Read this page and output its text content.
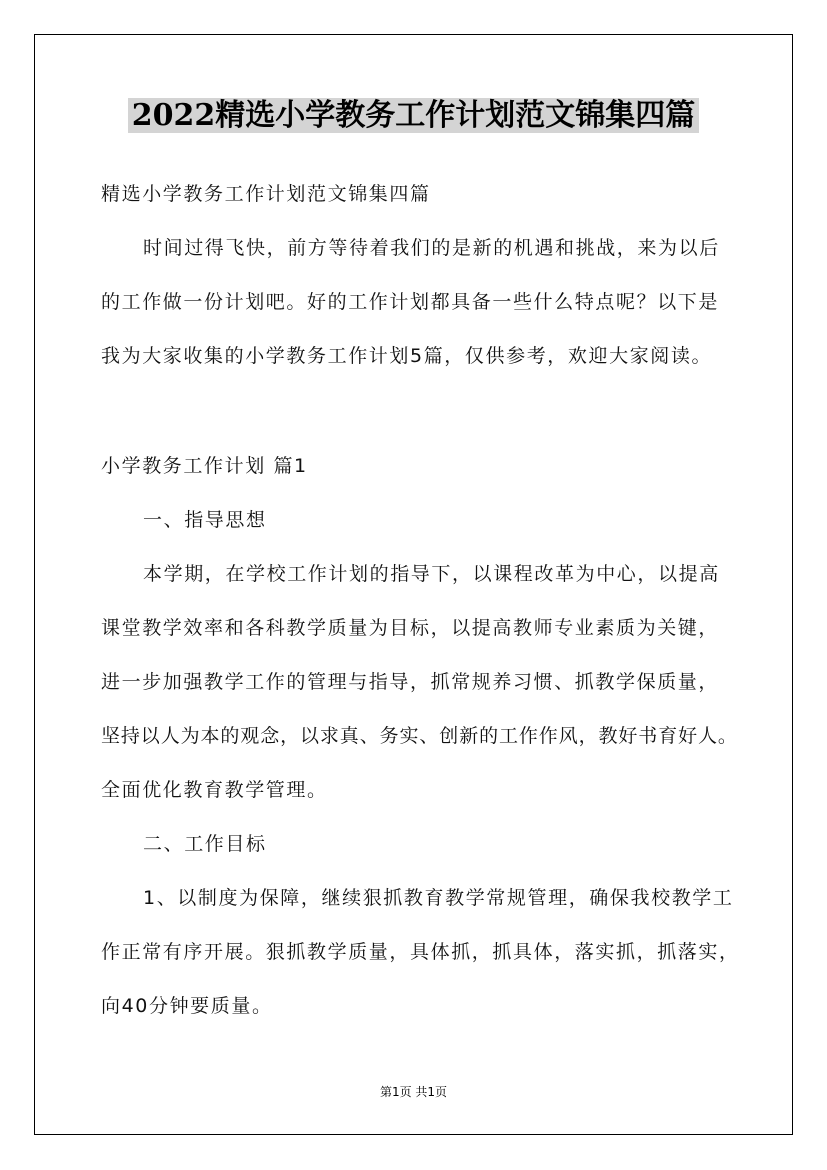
2022精选小学教务工作计划范文锦集四篇
精选小学教务工作计划范文锦集四篇
时间过得飞快，前方等待着我们的是新的机遇和挑战，来为以后
的工作做一份计划吧。好的工作计划都具备一些什么特点呢？以下是
我为大家收集的小学教务工作计划5篇，仅供参考，欢迎大家阅读。
小学教务工作计划 篇1
一、指导思想
本学期，在学校工作计划的指导下，以课程改革为中心，以提高
课堂教学效率和各科教学质量为目标，以提高教师专业素质为关键，
进一步加强教学工作的管理与指导，抓常规养习惯、抓教学保质量，
坚持以人为本的观念，以求真、务实、创新的工作作风，教好书育好人。
全面优化教育教学管理。
二、工作目标
1、以制度为保障，继续狠抓教育教学常规管理，确保我校教学工
作正常有序开展。狠抓教学质量，具体抓，抓具体，落实抓，抓落实，
向40分钟要质量。
第1页 共1页
